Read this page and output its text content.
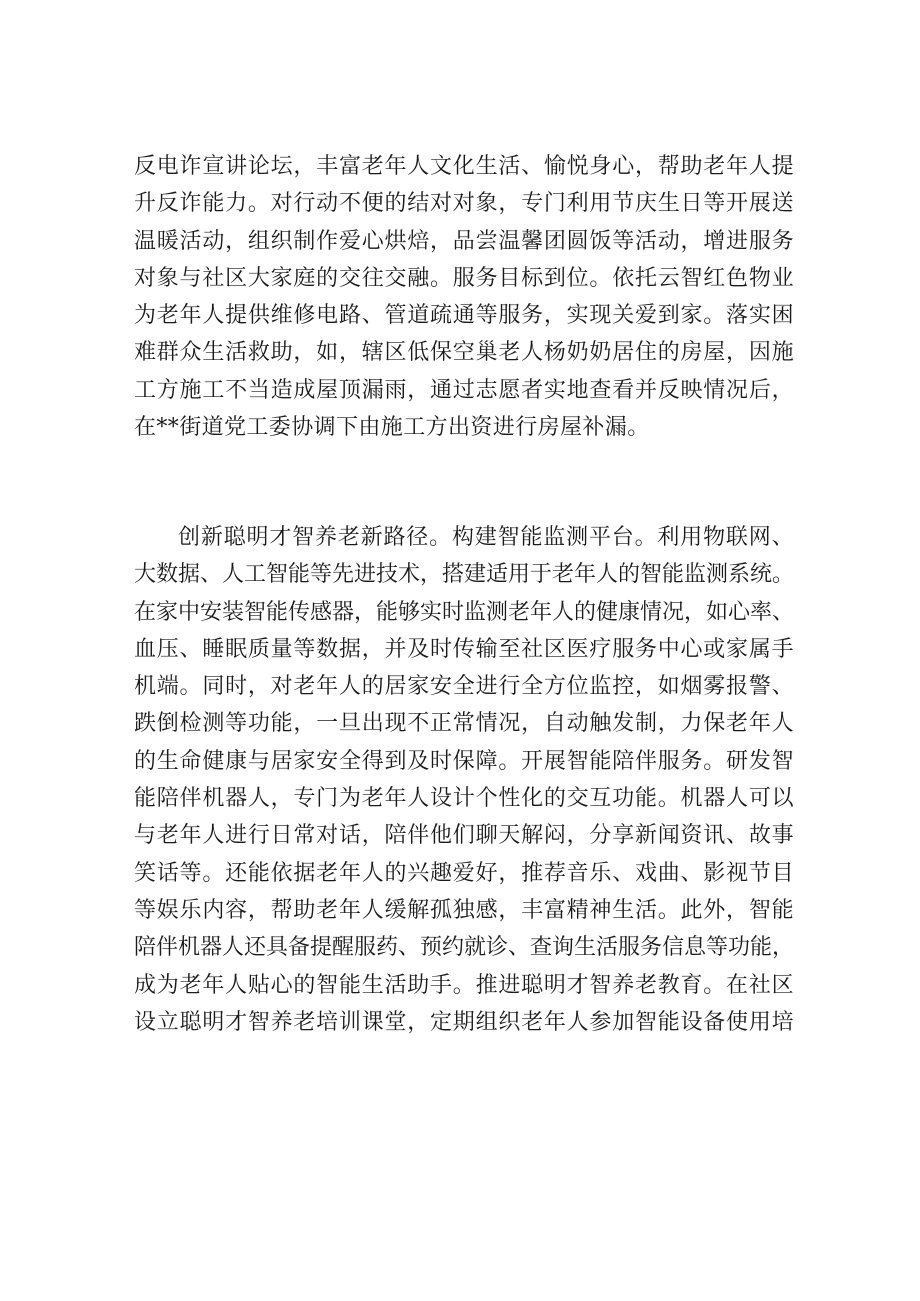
反电诈宣讲论坛，丰富老年人文化生活、愉悦身心，帮助老年人提
升反诈能力。对行动不便的结对对象，专门利用节庆生日等开展送
温暖活动，组织制作爱心烘焙，品尝温馨团圆饭等活动，增进服务
对象与社区大家庭的交往交融。服务目标到位。依托云智红色物业
为老年人提供维修电路、管道疏通等服务，实现关爱到家。落实困
难群众生活救助，如，辖区低保空巢老人杨奶奶居住的房屋，因施
工方施工不当造成屋顶漏雨，通过志愿者实地查看并反映情况后，
在**街道党工委协调下由施工方出资进行房屋补漏。
创新聪明才智养老新路径。构建智能监测平台。利用物联网、
大数据、人工智能等先进技术，搭建适用于老年人的智能监测系统。
在家中安装智能传感器，能够实时监测老年人的健康情况，如心率、
血压、睡眠质量等数据，并及时传输至社区医疗服务中心或家属手
机端。同时，对老年人的居家安全进行全方位监控，如烟雾报警、
跌倒检测等功能，一旦出现不正常情况，自动触发制，力保老年人
的生命健康与居家安全得到及时保障。开展智能陪伴服务。研发智
能陪伴机器人，专门为老年人设计个性化的交互功能。机器人可以
与老年人进行日常对话，陪伴他们聊天解闷，分享新闻资讯、故事
笑话等。还能依据老年人的兴趣爱好，推荐音乐、戏曲、影视节目
等娱乐内容，帮助老年人缓解孤独感，丰富精神生活。此外，智能
陪伴机器人还具备提醒服药、预约就诊、查询生活服务信息等功能，
成为老年人贴心的智能生活助手。推进聪明才智养老教育。在社区
设立聪明才智养老培训课堂，定期组织老年人参加智能设备使用培
